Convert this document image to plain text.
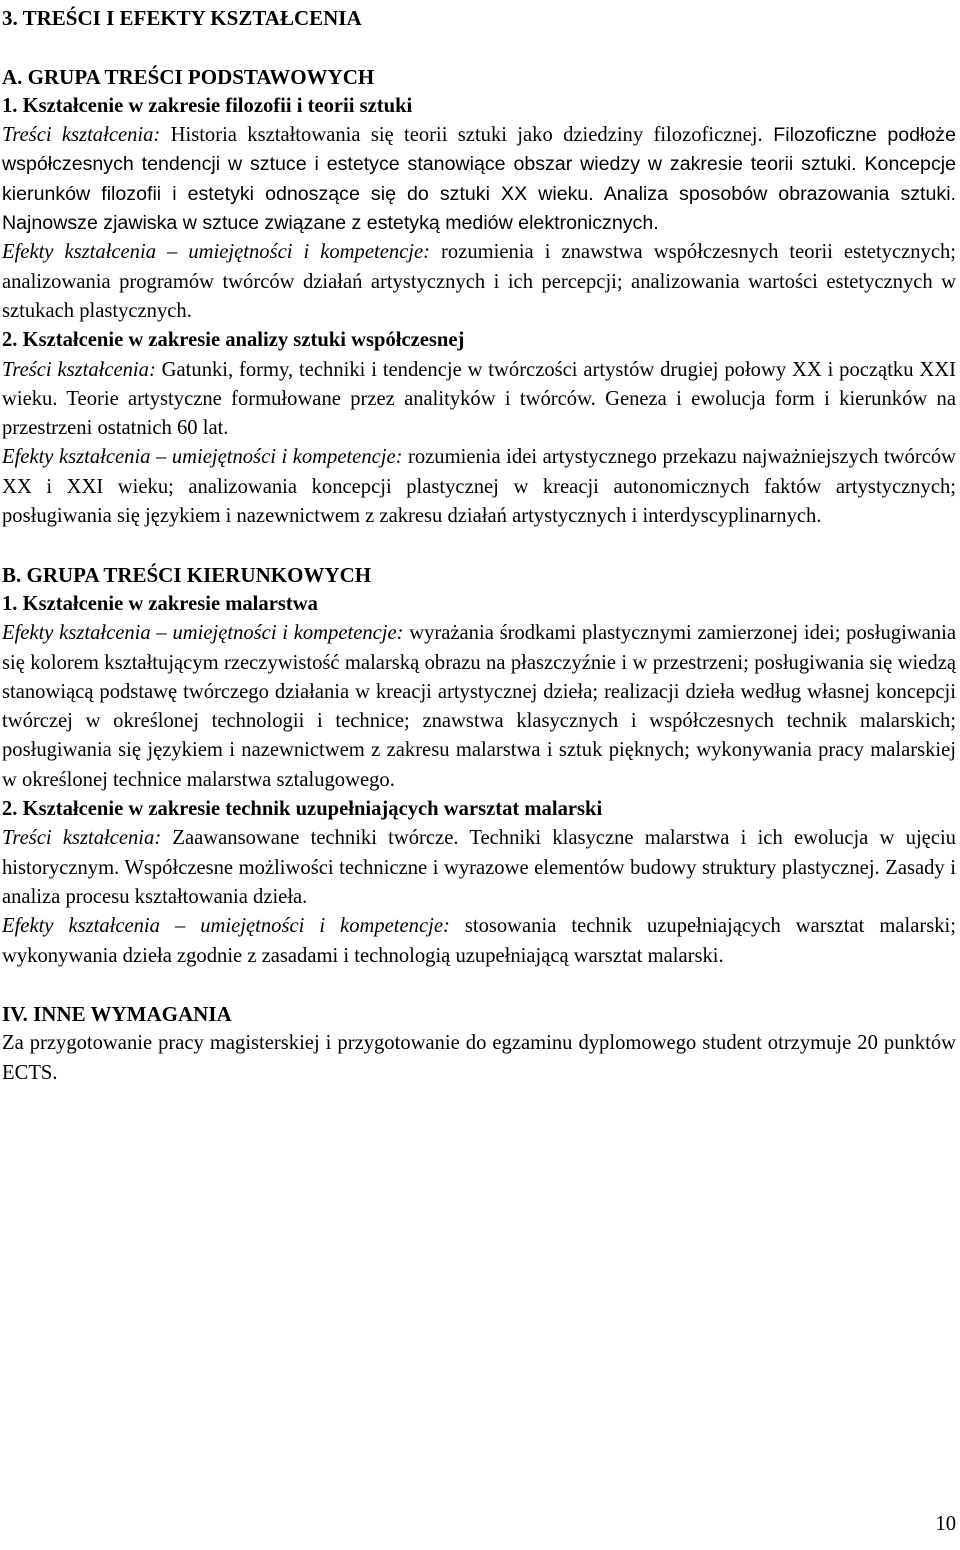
3. TREŚCI I EFEKTY KSZTAŁCENIA
A. GRUPA TREŚCI PODSTAWOWYCH
1. Kształcenie w zakresie filozofii i teorii sztuki

Treści kształcenia: Historia kształtowania się teorii sztuki jako dziedziny filozoficznej. Filozoficzne podłoże współczesnych tendencji w sztuce i estetyce stanowiące obszar wiedzy w zakresie teorii sztuki. Koncepcje kierunków filozofii i estetyki odnoszące się do sztuki XX wieku. Analiza sposobów obrazowania sztuki. Najnowsze zjawiska w sztuce związane z estetyką mediów elektronicznych.

Efekty kształcenia – umiejętności i kompetencje: rozumienia i znawstwa współczesnych teorii estetycznych; analizowania programów twórców działań artystycznych i ich percepcji; analizowania wartości estetycznych w sztukach plastycznych.

2. Kształcenie w zakresie analizy sztuki współczesnej

Treści kształcenia: Gatunki, formy, techniki i tendencje w twórczości artystów drugiej połowy XX i początku XXI wieku. Teorie artystyczne formułowane przez analityków i twórców. Geneza i ewolucja form i kierunków na przestrzeni ostatnich 60 lat.

Efekty kształcenia – umiejętności i kompetencje: rozumienia idei artystycznego przekazu najważniejszych twórców XX i XXI wieku; analizowania koncepcji plastycznej w kreacji autonomicznych faktów artystycznych; posługiwania się językiem i nazewnictwem z zakresu działań artystycznych i interdyscyplinarnych.

B. GRUPA TREŚCI KIERUNKOWYCH
1. Kształcenie w zakresie malarstwa

Efekty kształcenia – umiejętności i kompetencje: wyrażania środkami plastycznymi zamierzonej idei; posługiwania się kolorem kształtującym rzeczywistość malarską obrazu na płaszczyźnie i w przestrzeni; posługiwania się wiedzą stanowiącą podstawę twórczego działania w kreacji artystycznej dzieła; realizacji dzieła według własnej koncepcji twórczej w określonej technologii i technice; znawstwa klasycznych i współczesnych technik malarskich; posługiwania się językiem i nazewnictwem z zakresu malarstwa i sztuk pięknych; wykonywania pracy malarskiej w określonej technice malarstwa sztalugowego.

2. Kształcenie w zakresie technik uzupełniających warsztat malarski

Treści kształcenia: Zaawansowane techniki twórcze. Techniki klasyczne malarstwa i ich ewolucja w ujęciu historycznym. Współczesne możliwości techniczne i wyrazowe elementów budowy struktury plastycznej. Zasady i analiza procesu kształtowania dzieła.

Efekty kształcenia – umiejętności i kompetencje: stosowania technik uzupełniających warsztat malarski; wykonywania dzieła zgodnie z zasadami i technologią uzupełniającą warsztat malarski.

IV. INNE WYMAGANIA

Za przygotowanie pracy magisterskiej i przygotowanie do egzaminu dyplomowego student otrzymuje 20 punktów ECTS.

10
